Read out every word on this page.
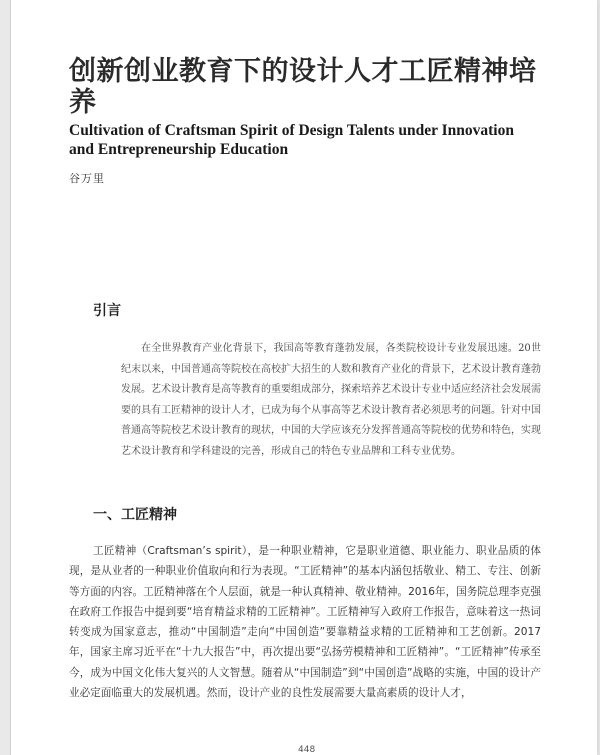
创新创业教育下的设计人才工匠精神培养
Cultivation of Craftsman Spirit of Design Talents under Innovation and Entrepreneurship Education
谷万里
引言
在全世界教育产业化背景下，我国高等教育蓬勃发展，各类院校设计专业发展迅速。20世纪末以来，中国普通高等院校在高校扩大招生的人数和教育产业化的背景下，艺术设计教育蓬勃发展。艺术设计教育是高等教育的重要组成部分，探索培养艺术设计专业中适应经济社会发展需要的具有工匠精神的设计人才，已成为每个从事高等艺术设计教育者必须思考的问题。针对中国普通高等院校艺术设计教育的现状，中国的大学应该充分发挥普通高等院校的优势和特色，实现艺术设计教育和学科建设的完善，形成自己的特色专业品牌和工科专业优势。
一、工匠精神
工匠精神（Craftsman’s spirit），是一种职业精神，它是职业道德、职业能力、职业品质的体现，是从业者的一种职业价值取向和行为表现。“工匠精神”的基本内涵包括敬业、精工、专注、创新等方面的内容。工匠精神落在个人层面，就是一种认真精神、敬业精神。2016年，国务院总理李克强在政府工作报告中提到要“培育精益求精的工匠精神”。工匠精神写入政府工作报告，意味着这一热词转变成为国家意志，推动“中国制造”走向“中国创造”要靠精益求精的工匠精神和工艺创新。2017年，国家主席习近平在“十九大报告”中，再次提出要“弘扬劳模精神和工匠精神”。“工匠精神”传承至今，成为中国文化伟大复兴的人文智慧。随着从“中国制造”到“中国创造”战略的实施，中国的设计产业必定面临重大的发展机遇。然而，设计产业的良性发展需要大量高素质的设计人才，
448
